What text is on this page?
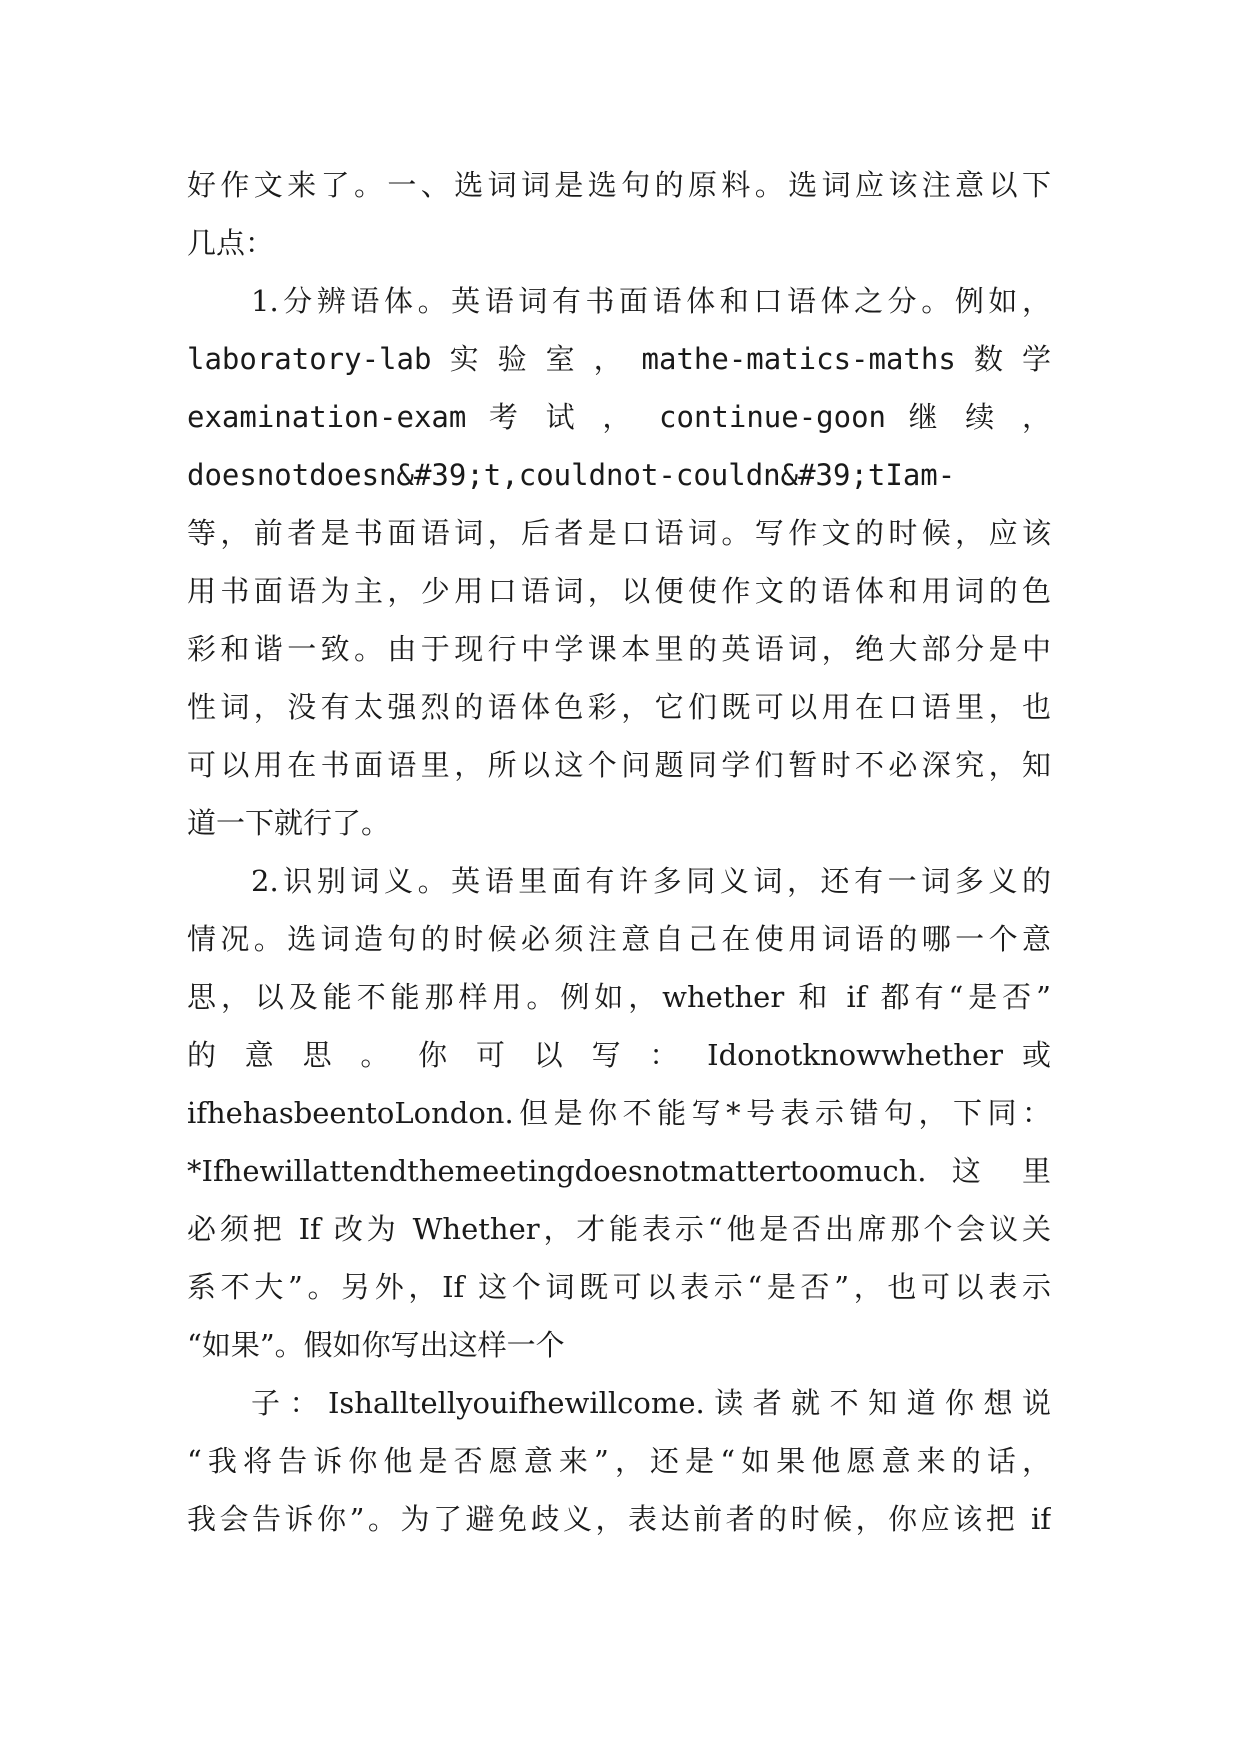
好作文来了。一、选词词是选句的原料。选词应该注意以下
几点：
1.分辨语体。英语词有书面语体和口语体之分。例如，
laboratory-lab 实 验 室 ， mathe-matics-maths 数 学
examination-exam 考 试 ， continue-goon 继 续 ，
doesnotdoesn&#39;t,couldnot-couldn&#39;tIam-
等，前者是书面语词，后者是口语词。写作文的时候，应该
用书面语为主，少用口语词，以便使作文的语体和用词的色
彩和谐一致。由于现行中学课本里的英语词，绝大部分是中
性词，没有太强烈的语体色彩，它们既可以用在口语里，也
可以用在书面语里，所以这个问题同学们暂时不必深究，知
道一下就行了。
2.识别词义。英语里面有许多同义词，还有一词多义的
情况。选词造句的时候必须注意自己在使用词语的哪一个意
思，以及能不能那样用。例如，whether 和 if 都有“是否”
的 意 思 。 你 可 以 写 ： Idonotknowwhether 或
ifhehasbeentoLondon.但是你不能写*号表示错句，下同：
*Ifhewillattendthemeetingdoesnotmattertoomuch. 这 里
必须把 If 改为 Whether，才能表示“他是否出席那个会议关
系不大”。另外，If 这个词既可以表示“是否”，也可以表示
“如果”。假如你写出这样一个
子：Ishalltellyouifhewillcome.读者就不知道你想说
“我将告诉你他是否愿意来”，还是“如果他愿意来的话，
我会告诉你”。为了避免歧义，表达前者的时候，你应该把 if
